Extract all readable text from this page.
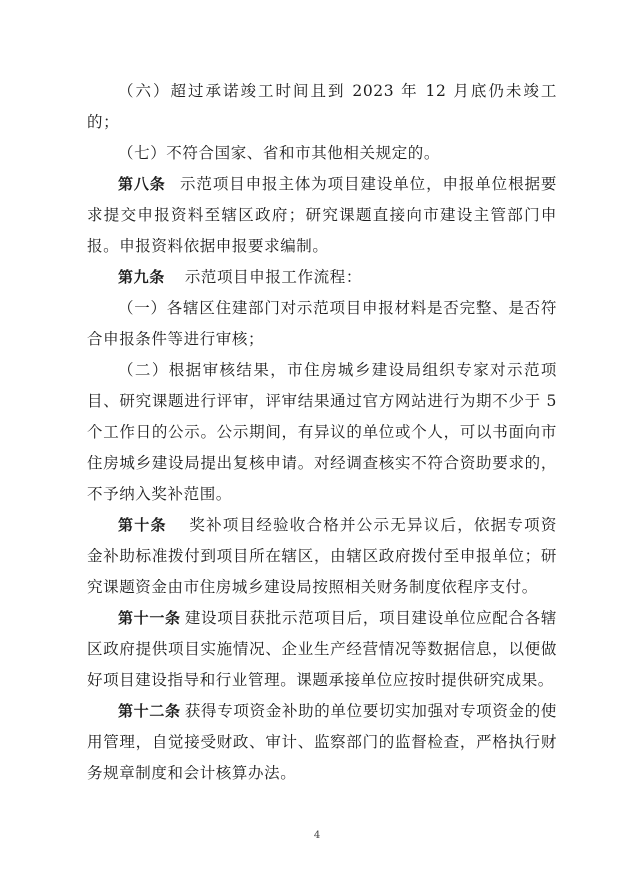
（六）超过承诺竣工时间且到 2023 年 12 月底仍未竣工的；

（七）不符合国家、省和市其他相关规定的。

第八条 示范项目申报主体为项目建设单位，申报单位根据要求提交申报资料至辖区政府；研究课题直接向市建设主管部门申报。申报资料依据申报要求编制。

第九条 示范项目申报工作流程：

（一）各辖区住建部门对示范项目申报材料是否完整、是否符合申报条件等进行审核；

（二）根据审核结果，市住房城乡建设局组织专家对示范项目、研究课题进行评审，评审结果通过官方网站进行为期不少于 5 个工作日的公示。公示期间，有异议的单位或个人，可以书面向市住房城乡建设局提出复核申请。对经调查核实不符合资助要求的，不予纳入奖补范围。

第十条 奖补项目经验收合格并公示无异议后，依据专项资金补助标准拨付到项目所在辖区，由辖区政府拨付至申报单位；研究课题资金由市住房城乡建设局按照相关财务制度依程序支付。

第十一条 建设项目获批示范项目后，项目建设单位应配合各辖区政府提供项目实施情况、企业生产经营情况等数据信息，以便做好项目建设指导和行业管理。课题承接单位应按时提供研究成果。

第十二条 获得专项资金补助的单位要切实加强对专项资金的使用管理，自觉接受财政、审计、监察部门的监督检查，严格执行财务规章制度和会计核算办法。

4
